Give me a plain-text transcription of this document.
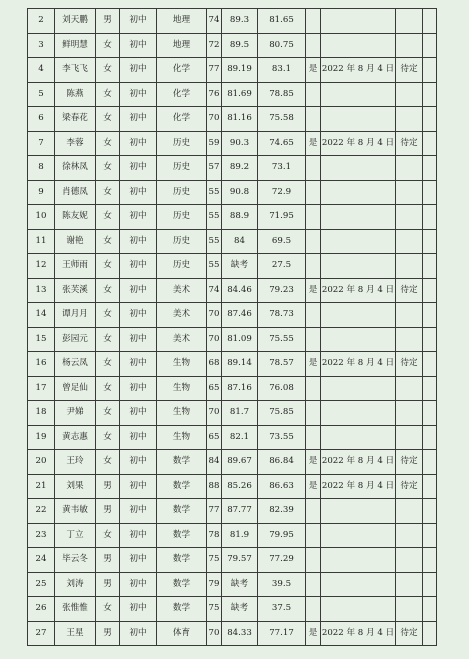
2	刘天鹏	男	初中	地理	74	89.3	81.65				
3	鲜明慧	女	初中	地理	72	89.5	80.75				
4	李飞飞	女	初中	化学	77	89.19	83.1	是	2022 年 8 月 4 日	待定	
5	陈燕	女	初中	化学	76	81.69	78.85				
6	梁春花	女	初中	化学	70	81.16	75.58				
7	李蓉	女	初中	历史	59	90.3	74.65	是	2022 年 8 月 4 日	待定	
8	徐林凤	女	初中	历史	57	89.2	73.1				
9	肖德凤	女	初中	历史	55	90.8	72.9				
10	陈友妮	女	初中	历史	55	88.9	71.95				
11	谢艳	女	初中	历史	55	84	69.5				
12	王师雨	女	初中	历史	55	缺考	27.5				
13	张芙溪	女	初中	美术	74	84.46	79.23	是	2022 年 8 月 4 日	待定	
14	谭月月	女	初中	美术	70	87.46	78.73				
15	彭园元	女	初中	美术	70	81.09	75.55				
16	杨云凤	女	初中	生物	68	89.14	78.57	是	2022 年 8 月 4 日	待定	
17	曾足仙	女	初中	生物	65	87.16	76.08				
18	尹娣	女	初中	生物	70	81.7	75.85				
19	黄志惠	女	初中	生物	65	82.1	73.55				
20	王玲	女	初中	数学	84	89.67	86.84	是	2022 年 8 月 4 日	待定	
21	刘果	男	初中	数学	88	85.26	86.63	是	2022 年 8 月 4 日	待定	
22	黄韦敏	男	初中	数学	77	87.77	82.39				
23	丁立	女	初中	数学	78	81.9	79.95				
24	毕云冬	男	初中	数学	75	79.57	77.29				
25	刘涛	男	初中	数学	79	缺考	39.5				
26	张惟惟	女	初中	数学	75	缺考	37.5				
27	王星	男	初中	体育	70	84.33	77.17	是	2022 年 8 月 4 日	待定	
